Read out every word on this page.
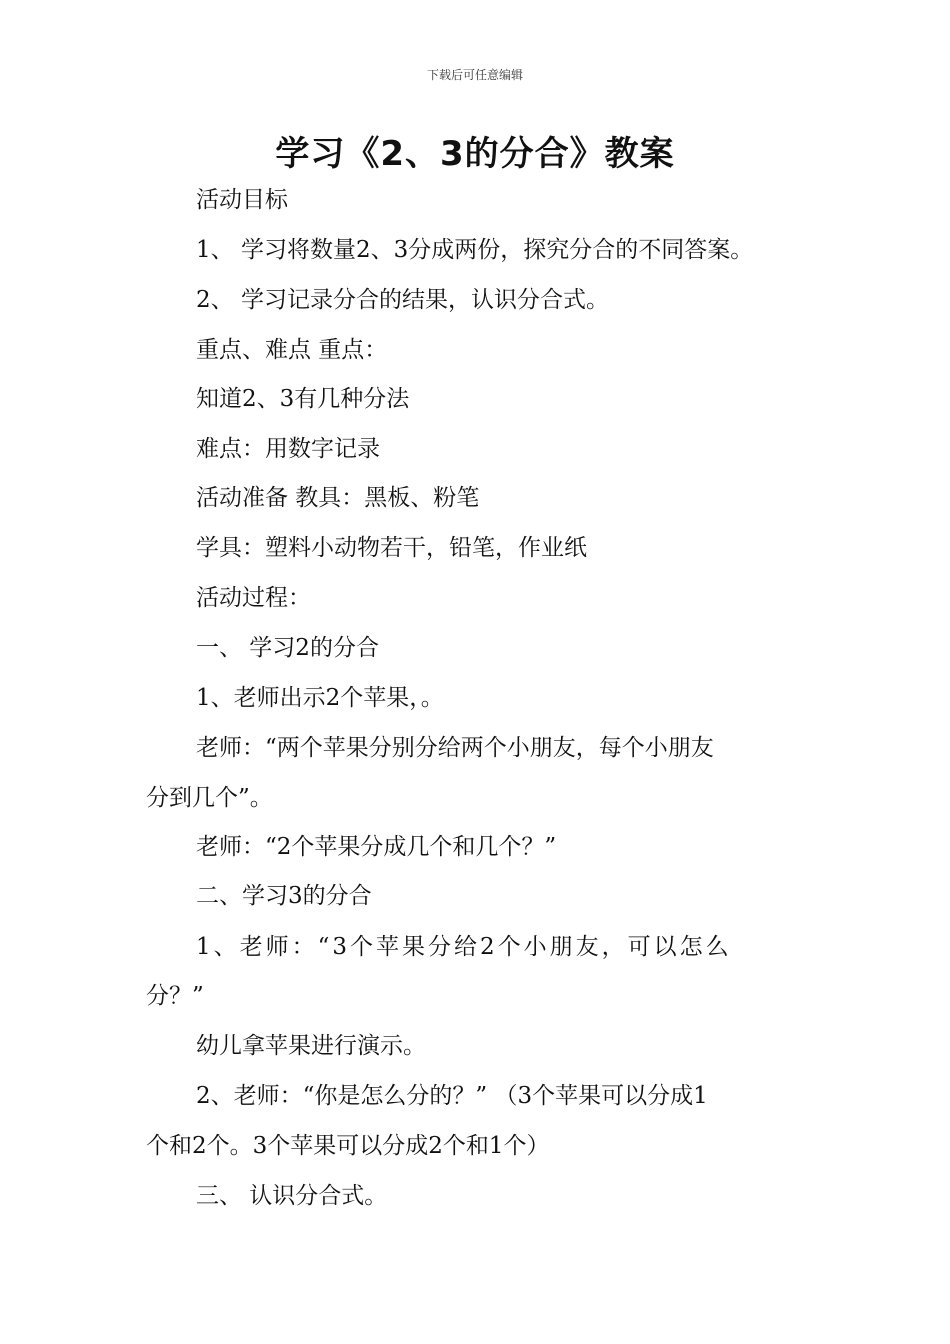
下载后可任意编辑
学习《2、3的分合》教案

活动目标

1、 学习将数量2、3分成两份，探究分合的不同答案。

2、 学习记录分合的结果，认识分合式。

重点、难点 重点：

知道2、3有几种分法

难点：用数字记录

活动准备 教具：黑板、粉笔

学具：塑料小动物若干，铅笔，作业纸

活动过程：

一、 学习2的分合

1、老师出示2个苹果，。

老师：“两个苹果分别分给两个小朋友，每个小朋友

分到几个”。

老师：“2个苹果分成几个和几个？”

二、学习3的分合

1、老师：“3个苹果分给2个小朋友，可以怎么

分？”

幼儿拿苹果进行演示。

2、老师：“你是怎么分的？” （3个苹果可以分成1

个和2个。3个苹果可以分成2个和1个）

三、 认识分合式。
